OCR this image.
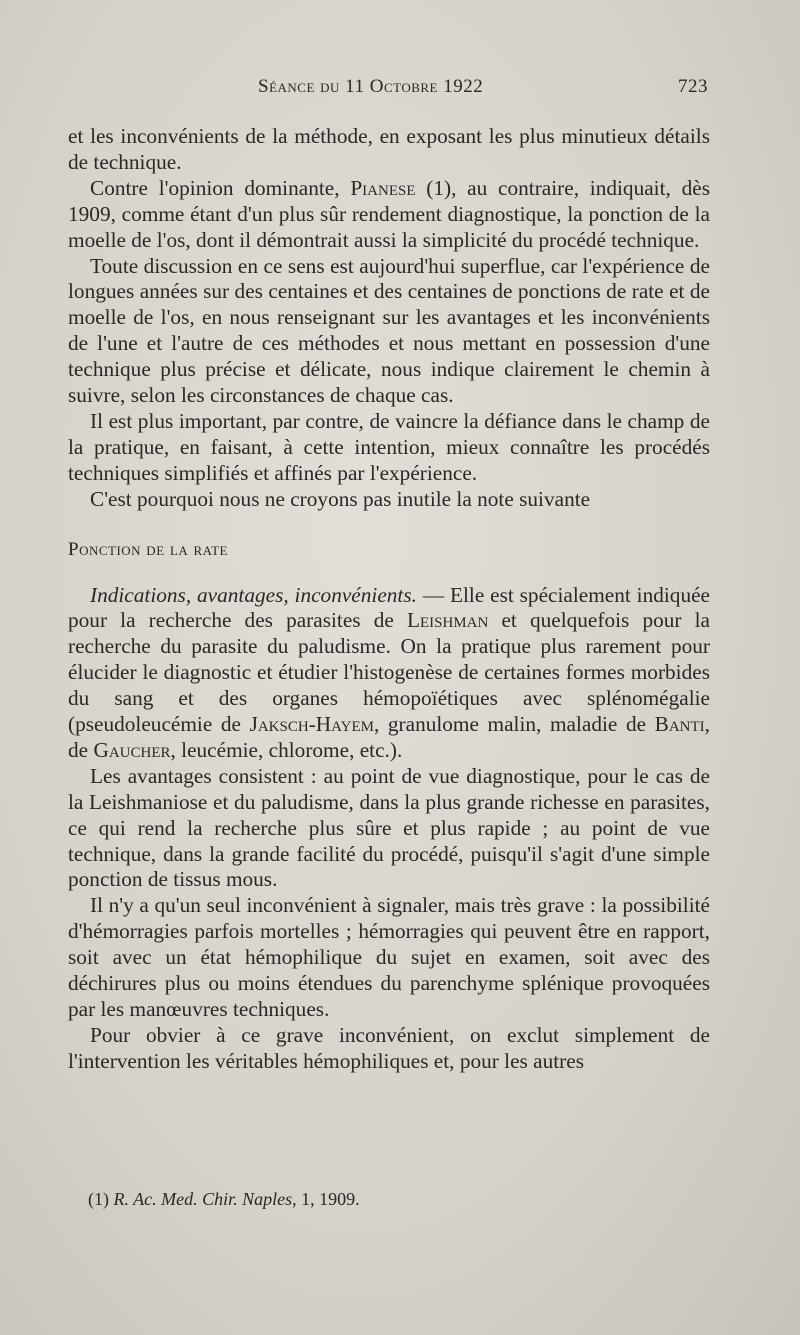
Séance du 11 Octobre 1922	723

et les inconvénients de la méthode, en exposant les plus minutieux détails de technique.

Contre l'opinion dominante, Pianese (1), au contraire, indiquait, dès 1909, comme étant d'un plus sûr rendement diagnostique, la ponction de la moelle de l'os, dont il démontrait aussi la simplicité du procédé technique.

Toute discussion en ce sens est aujourd'hui superflue, car l'expérience de longues années sur des centaines et des centaines de ponctions de rate et de moelle de l'os, en nous renseignant sur les avantages et les inconvénients de l'une et l'autre de ces méthodes et nous mettant en possession d'une technique plus précise et délicate, nous indique clairement le chemin à suivre, selon les circonstances de chaque cas.

Il est plus important, par contre, de vaincre la défiance dans le champ de la pratique, en faisant, à cette intention, mieux connaître les procédés techniques simplifiés et affinés par l'expérience.

C'est pourquoi nous ne croyons pas inutile la note suivante

Ponction de la rate

Indications, avantages, inconvénients. — Elle est spécialement indiquée pour la recherche des parasites de Leishman et quelquefois pour la recherche du parasite du paludisme. On la pratique plus rarement pour élucider le diagnostic et étudier l'histogenèse de certaines formes morbides du sang et des organes hémopoïétiques avec splénomégalie (pseudoleucémie de Jaksch-Hayem, granulome malin, maladie de Banti, de Gaucher, leucémie, chlorome, etc.).

Les avantages consistent : au point de vue diagnostique, pour le cas de la Leishmaniose et du paludisme, dans la plus grande richesse en parasites, ce qui rend la recherche plus sûre et plus rapide ; au point de vue technique, dans la grande facilité du procédé, puisqu'il s'agit d'une simple ponction de tissus mous.

Il n'y a qu'un seul inconvénient à signaler, mais très grave : la possibilité d'hémorragies parfois mortelles ; hémorragies qui peuvent être en rapport, soit avec un état hémophilique du sujet en examen, soit avec des déchirures plus ou moins étendues du parenchyme splénique provoquées par les manœuvres techniques.

Pour obvier à ce grave inconvénient, on exclut simplement de l'intervention les véritables hémophiliques et, pour les autres

(1) R. Ac. Med. Chir. Naples, 1, 1909.
